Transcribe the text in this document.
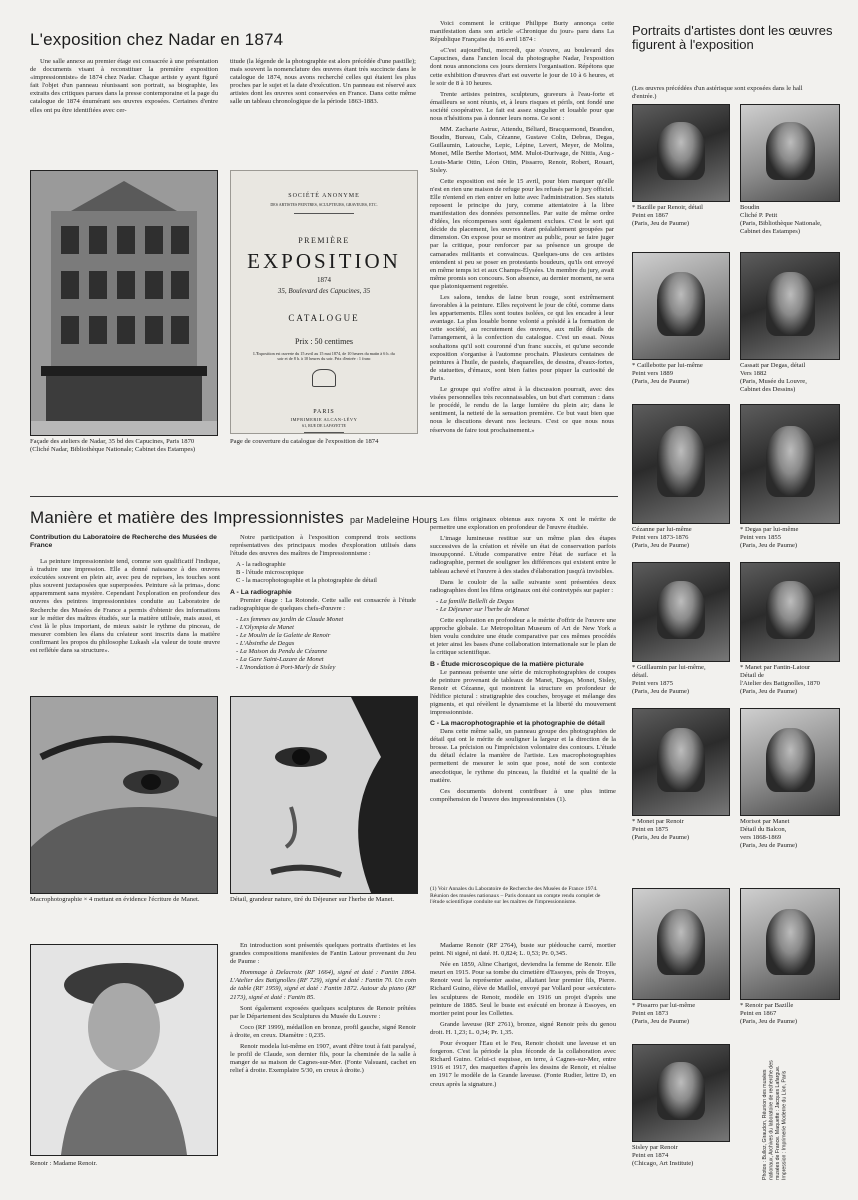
L'exposition chez Nadar en 1874

Une salle annexe au premier étage est consacrée à une présentation de documents visant à reconstituer la première exposition «impressionniste» de 1874 chez Nadar. Chaque artiste y ayant figuré fait l'objet d'un panneau réunissant son portrait, sa biographie, les extraits des critiques parues dans la presse contemporaine et la page du catalogue de 1874 énumérant ses œuvres exposées. Certaines d'entre elles ont pu être identifiées avec cer-

titude (la légende de la photographie est alors précédée d'une pastille); mais souvent la nomenclature des œuvres étant très succincte dans le catalogue de 1874, nous avons recherché celles qui étaient les plus proches par le sujet et la date d'exécution. Un panneau est réservé aux artistes dont les œuvres sont conservées en France. Dans cette même salle un tableau chronologique de la période 1863-1883.

Voici comment le critique Philippe Burty annonça cette manifestation dans son article «Chronique du jour» paru dans La République Française du 16 avril 1874 :

«C'est aujourd'hui, mercredi, que s'ouvre, au boulevard des Capucines, dans l'ancien local du photographe Nadar, l'exposition dont nous annoncions ces jours derniers l'organisation. Répétons que cette exhibition d'œuvres d'art est ouverte le jour de 10 à 6 heures, et le soir de 8 à 10 heures.

Trente artistes peintres, sculpteurs, graveurs à l'eau-forte et émailleurs se sont réunis, et, à leurs risques et périls, ont fondé une société coopérative. Le fait est assez singulier et louable pour que nous n'hésitions pas à donner leurs noms. Ce sont :

MM. Zacharie Astruc, Attendu, Béliard, Bracquemond, Brandon, Boudin, Bureau, Cals, Cézanne, Gustave Colin, Debras, Degas, Guillaumin, Latouche, Lepic, Lépine, Levert, Meyer, de Molins, Monet, Mlle Berthe Morisot, MM. Mulot-Durivage, de Nittis, Aug.-Louis-Marie Ottin, Léon Ottin, Pissarro, Renoir, Robert, Rouart, Sisley.

Cette exposition est née le 15 avril, pour bien marquer qu'elle n'est en rien une maison de refuge pour les refusés par le jury officiel. Elle n'entend en rien entrer en lutte avec l'administration. Ses statuts reposent le principe du jury, comme attentatoire à la libre manifestation des données personnelles. Par suite de même ordre d'idées, les récompenses sont également exclues. C'est le sort qui décide du placement, les œuvres étant préalablement groupées par dimension. On expose pour se montrer au public, pour se faire juger par la critique, pour renforcer par sa présence un groupe de camarades militants et convaincus. Quelques-uns de ces artistes entendent si peu se poser en protestants boudeurs, qu'ils ont envoyé en même temps ici et aux Champs-Élysées. Un membre du jury, avait même promis son concours. Son absence, au dernier moment, ne sera que platoniquement regrettée.

Les salons, tendus de laine brun rouge, sont extrêmement favorables à la peinture. Elles reçoivent le jour de côté, comme dans les appartements. Elles sont toutes isolées, ce qui les encadre à leur avantage. La plus louable bonne volonté a présidé à la formation de cette société, au recrutement des œuvres, aux mille détails de l'arrangement, à la confection du catalogue. C'est un essai. Nous souhaitons qu'il soit couronné d'un franc succès, et qu'une seconde exposition s'organise à l'automne prochain. Plusieurs centaines de peintures à l'huile, de pastels, d'aquarelles, de dessins, d'eaux-fortes, de statuettes, d'émaux, sont bien faites pour piquer la curiosité de Paris.

Le groupe qui s'offre ainsi à la discussion pourrait, avec des visées personnelles très reconnaissables, un but d'art commun : dans le procédé, le rendu de la large lumière du plein air; dans le sentiment, la netteté de la sensation première. Ce but vaut bien que nous le discutions devant nos lecteurs. C'est ce que nous nous réservons de faire tout prochainement.»

Façade des ateliers de Nadar, 35 bd des Capucines, Paris 1870 (Cliché Nadar, Bibliothèque Nationale; Cabinet des Estampes)
SOCIÉTÉ ANONYME
DES ARTISTES PEINTRES, SCULPTEURS, GRAVEURS, ETC.
PREMIÈRE
EXPOSITION
1874
35, Boulevard des Capucines, 35
CATALOGUE
Prix : 50 centimes
L'Exposition est ouverte du 15 avril au 15 mai 1874, de 10 heures du matin à 6 h. du soir et de 8 h. à 10 heures du soir. Prix d'entrée : 1 franc
PARIS
IMPRIMERIE ALCAN-LÉVY
61, RUE DE LAFAYETTE
Page de couverture du catalogue de l'exposition de 1874
Portraits d'artistes dont les œuvres figurent à l'exposition
(Les œuvres précédées d'un astérisque sont exposées dans le hall d'entrée.)
* Bazille par Renoir, détail
Peint en 1867
(Paris, Jeu de Paume)
Boudin
Cliché P. Petit
(Paris, Bibliothèque Nationale,
Cabinet des Estampes)
* Caillebotte par lui-même
Peint vers 1889
(Paris, Jeu de Paume)
Cassatt par Degas, détail
Vers 1882
(Paris, Musée du Louvre,
Cabinet des Dessins)
Cézanne par lui-même
Peint vers 1873-1876
(Paris, Jeu de Paume)
* Degas par lui-même
Peint vers 1855
(Paris, Jeu de Paume)
* Guillaumin par lui-même,
détail.
Peint vers 1875
(Paris, Jeu de Paume)
* Manet par Fantin-Latour
Détail de
l'Atelier des Batignolles, 1870
(Paris, Jeu de Paume)
* Monet par Renoir
Peint en 1875
(Paris, Jeu de Paume)
Morisot par Manet
Détail du Balcon,
vers 1868-1869
(Paris, Jeu de Paume)
* Pissarro par lui-même
Peint en 1873
(Paris, Jeu de Paume)
* Renoir par Bazille
Peint en 1867
(Paris, Jeu de Paume)
Sisley par Renoir
Peint en 1874
(Chicago, Art Institute)	Photos : Bulloz, Giraudon, Réunion des musées nationaux, Archives du laboratoire de recherche des musées de France. Maquette : Jacques Lafargue. Impression : Imprimerie Moderne du Lion, Paris
Manière et matière des Impressionnistes par Madeleine Hours
Contribution du Laboratoire de Recherche des Musées de France

La peinture impressionniste tend, comme son qualificatif l'indique, à traduire une impression. Elle a donné naissance à des œuvres exécutées souvent en plein air, avec peu de reprises, les touches sont plus souvent juxtaposées que superposées. Peinture «à la prima», donc apparemment sans mystère. Cependant l'exploration en profondeur des œuvres des peintres impressionnistes conduite au Laboratoire de Recherche des Musées de France a permis d'obtenir des informations sur le métier des maîtres étudiés, sur la matière utilisée, mais aussi, et c'est là le plus important, de mieux saisir le rythme du pinceau, de mesurer combien les élans du créateur sont inscrits dans la matière confirmant les propos du philosophe Lukash «la valeur de toute œuvre est reflétée dans sa structure».

Notre participation à l'exposition comprend trois sections représentatives des principaux modes d'exploration utilisés dans l'étude des œuvres des maîtres de l'impressionnisme :

A - la radiographie
B - l'étude microscopique
C - la macrophotographie et la photographie de détail
A - La radiographie

Premier étage : La Rotonde. Cette salle est consacrée à l'étude radiographique de quelques chefs-d'œuvre :

- Les femmes au jardin de Claude Monet
- L'Olympia de Manet
- Le Moulin de la Galette de Renoir
- L'Absinthe de Degas
- La Maison du Pendu de Cézanne
- La Gare Saint-Lazare de Monet
- L'Inondation à Port-Marly de Sisley

Les films originaux obtenus aux rayons X ont le mérite de permettre une exploration en profondeur de l'œuvre étudiée.

L'image lumineuse restitue sur un même plan des étapes successives de la création et révèle un état de conservation parfois insoupçonné. L'étude comparative entre l'état de surface et la radiographie, permet de souligner les différences qui existent entre le tableau achevé et l'œuvre à des stades d'élaboration jusqu'à invisibles.

Dans le couloir de la salle suivante sont présentées deux radiographies dont les films originaux ont été contretypés sur papier :

- La famille Bellelli de Degas
- Le Déjeuner sur l'herbe de Manet

Cette exploration en profondeur a le mérite d'offrir de l'œuvre une approche globale. Le Metropolitan Museum of Art de New York a bien voulu conduire une étude comparative par ces mêmes procédés et jeter ainsi les bases d'une collaboration internationale sur le plan de la critique scientifique.

B - Étude microscopique de la matière picturale

Le panneau présente une série de microphotographies de coupes de peinture provenant de tableaux de Manet, Degas, Monet, Sisley, Renoir et Cézanne, qui montrent la structure en profondeur de l'édifice pictural : stratigraphie des couches, broyage et mélange des pigments, et qui révèlent le dynamisme et la liberté du mouvement impressionniste.

C - La macrophotographie et la photographie de détail

Dans cette même salle, un panneau groupe des photographies de détail qui ont le mérite de souligner la largeur et la direction de la brosse. La précision ou l'imprécision volontaire des contours. L'étude du détail éclaire la manière de l'artiste. Les macrophotographies permettent de mesurer le soin que pose, noté de son contexte anecdotique, le rythme du pinceau, la fluidité et la qualité de la matière.

Ces documents doivent contribuer à une plus intime compréhension de l'œuvre des impressionnistes (1).

(1) Voir Annales du Laboratoire de Recherche des Musées de France 1974. Réunion des musées nationaux – Paris donnant un compte rendu complet de l'étude scientifique conduite sur les maîtres de l'impressionnisme.
Macrophotographie × 4 mettant en évidence l'écriture de Manet.	Détail, grandeur nature, tiré du Déjeuner sur l'herbe de Manet.
Renoir : Madame Renoir.

En introduction sont présentés quelques portraits d'artistes et les grandes compositions manifestes de Fantin Latour provenant du Jeu de Paume :

Hommage à Delacroix (RF 1664), signé et daté : Fantin 1864. L'Atelier des Batignolles (RF 729), signé et daté : Fantin 70. Un coin de table (RF 1959), signé et daté : Fantin 1872. Autour du piano (RF 2173), signé et daté : Fantin 85.

Sont également exposées quelques sculptures de Renoir prêtées par le Département des Sculptures du Musée du Louvre :

Coco (RF 1999), médaillon en bronze, profil gauche, signé Renoir à droite, en creux. Diamètre : 0,235.

Renoir modela lui-même en 1907, avant d'être tout à fait paralysé, le profil de Claude, son dernier fils, pour la cheminée de la salle à manger de sa maison de Cagnes-sur-Mer. (Fonte Valsuani, cachet en relief à droite. Exemplaire 5/30, en creux à droite.)

Madame Renoir (RF 2764), buste sur piédouche carré, mortier peint. Ni signé, ni daté. H. 0,824; L. 0,53; Pr. 0,345.

Née en 1859, Aline Charigot, deviendra la femme de Renoir. Elle meurt en 1915. Pour sa tombe du cimetière d'Essoyes, près de Troyes, Renoir veut la représenter assise, allaitant leur premier fils, Pierre. Richard Guino, élève de Maillol, envoyé par Vollard pour «exécuter» les sculptures de Renoir, modèle en 1916 un projet d'après une peinture de 1885. Seul le buste est exécuté en bronze à Essoyes, en mortier peint pour les Collettes.

Grande laveuse (RF 2761), bronze, signé Renoir près du genou droit. H. 1,23; L. 0,34; Pr. 1,35.

Pour évoquer l'Eau et le Feu, Renoir choisit une laveuse et un forgeron. C'est la période la plus féconde de la collaboration avec Richard Guino. Celui-ci esquisse, en terre, à Cagnes-sur-Mer, entre 1916 et 1917, des maquettes d'après les dessins de Renoir, et réalise en 1917 le modèle de la Grande laveuse. (Fonte Rudier, lettre D, en creux après la signature.)
